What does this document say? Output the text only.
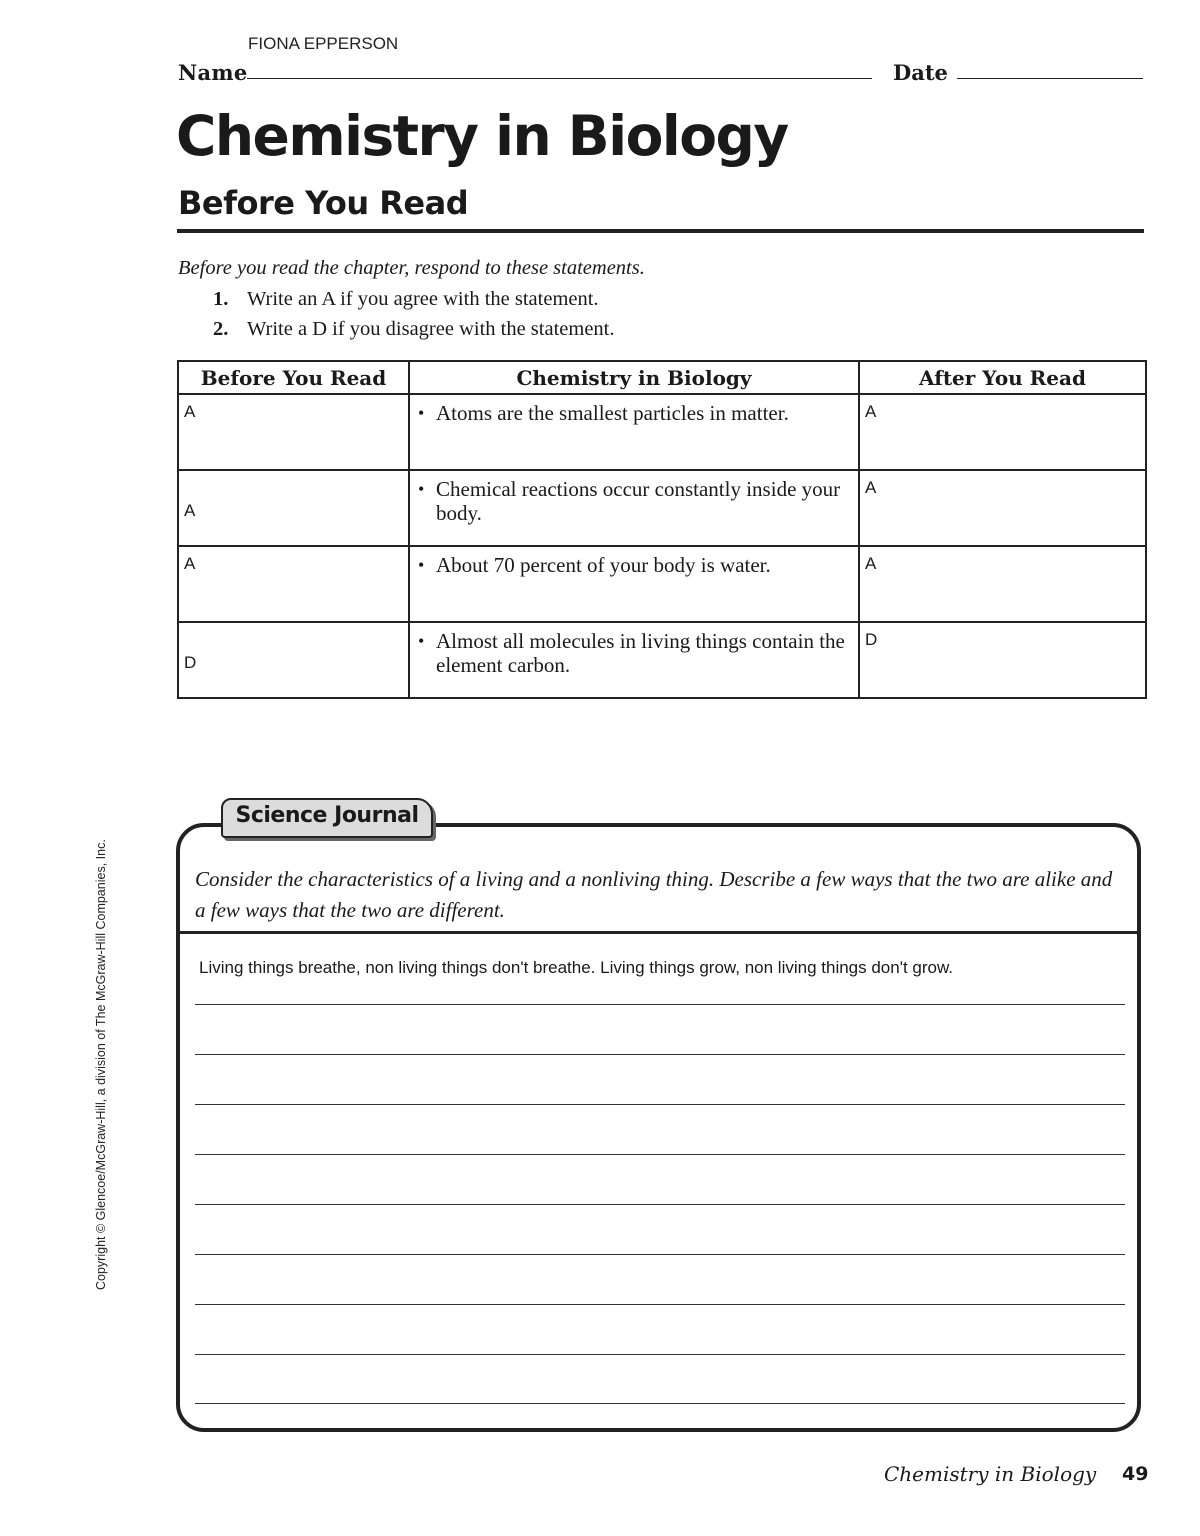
FIONA EPPERSON
Name	Date
Chemistry in Biology
Before You Read
Before you read the chapter, respond to these statements.
1. Write an A if you agree with the statement.
2. Write a D if you disagree with the statement.
Before You Read	Chemistry in Biology	After You Read

A	• Atoms are the smallest particles in matter.	A

A	• Chemical reactions occur constantly inside your body.	A

A	• About 70 percent of your body is water.	A

D	• Almost all molecules in living things contain the element carbon.	D
Science Journal
Consider the characteristics of a living and a nonliving thing. Describe a few ways that the two are alike and a few ways that the two are different.
Living things breathe, non living things don't breathe. Living things grow, non living things don't grow.
Copyright © Glencoe/McGraw-Hill, a division of The McGraw-Hill Companies, Inc.
Chemistry in Biology 49
